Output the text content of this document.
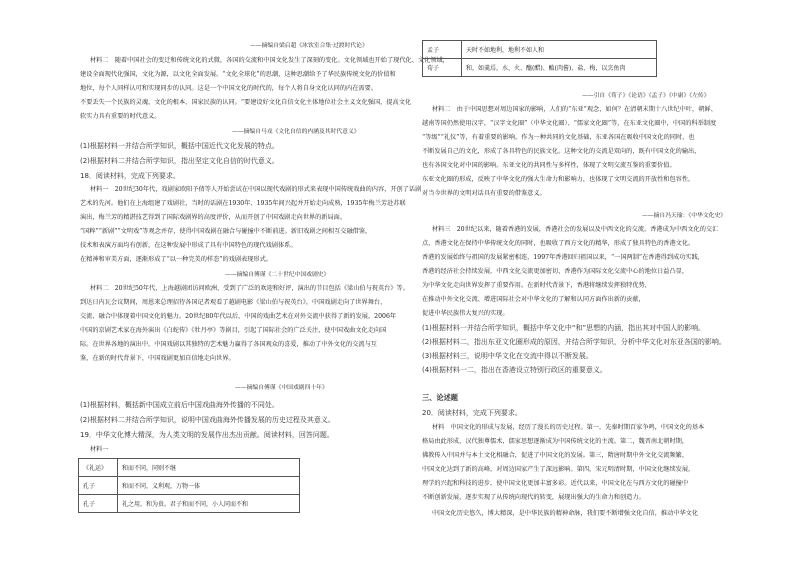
——摘编自梁启超《冰饮室合集·过渡时代论》
材料二　随着中国社会的变迁和传统文化的式微，各国的交流和中国文化发生了深刻的变化。文化领域也开始了现代化、文化领域，
建设全面现代化强国，文化为源，以文化全面发展。“文化全球化”的思潮，这种思潮给予了华民族传统文化的价值和
地位，每个人同样认可和实现同步的认同。这是一个中国文化的时代的，每个人将自身文化认同的内在需要。
不要丢失一个民族的灵魂、文化的根本、国家民族的认同。“要建设好文化自信文化主体地位社会主义文化强国，提高文化
软实力具有重要的时代意义。
——摘编自马戎《文化自信的内涵及其时代意义》
(1)根据材料一并结合所学知识，概括中国近代文化发展的特点。
(2)根据材料二并结合所学知识，指出坚定文化自信的时代意义。
18．阅读材料，完成下列要求。
材料一　20世纪30年代，戏剧家欧阳予倩等人开始尝试在中国以现代戏剧的形式来表现中国传统戏曲的内容，开创了话剧
艺术的先河。他们在上海组建了戏剧社，当时的话剧在1930年、1935年间兴起并开始走向成熟，1935年梅兰芳赴苏联
演出，梅兰芳的精湛技艺得到了国际戏剧界的高度评价，从而开创了中国戏剧走向世界的新局面。
“国粹”“新剧”“文明戏”等观念并存，使得中国戏剧在融合与碰撞中不断前进。新旧戏剧之间相互交融借鉴，
技术和表演方面均有创新，在这种发展中形成了具有中国特色的现代戏剧体系。
在精神和审美方面，逐渐形成了“以一种完美的样态”的戏剧表现形式。
——摘编自傅谨《二十世纪中国戏剧史》
材料二　20世纪50年代，上海越剧团访问欧洲，受到了广泛的欢迎和好评，演出的节目包括《梁山伯与祝英台》等。
到达日内瓦会议期间，周恩来总理招待各国记者观看了越剧电影《梁山伯与祝英台》，中国戏剧走向了世界舞台，
交流、融合中体现着中国文化的魅力。20世纪80年代以后，中国的戏曲艺术在对外交流中获得了新的发展，2006年
中国的京剧艺术家在海外演出《白蛇传》《牡丹亭》等剧目，引起了国际社会的广泛关注，使中国戏曲文化走向国
际。在世界各地的演出中，中国戏剧以其独特的艺术魅力赢得了各国观众的喜爱，推动了中外文化的交流与互
鉴，在新的时代背景下，中国戏剧更加自信地走向世界。
——摘编自傅谨《中国戏剧四十年》
(1)根据材料，概括新中国成立前后中国戏曲海外传播的不同处。
(2)根据材料二并结合所学知识，说明中国戏曲海外传播发展的历史过程及其意义。
19．中华文化博大精深，为人类文明的发展作出杰出贡献。阅读材料，回答问题。
材料一
《礼运》	和而不同，同则不继
孔子	和而不同，义利观，万物一体
孔子	礼之用，和为贵。君子和而不同，小人同而不和
孟子	天时不如地利，地利不如人和
荀子	和，如羹焉，水、火、醯(醋)、醢(肉酱)、盐、梅，以烹鱼肉
——引自《荀子》《论语》《孟子》《中庸》《左传》
材料二　由于中国思想对周边国家的影响，人们的“东亚”观念，如何？在清朝末期十八世纪中叶，朝鲜、
越南等国仍然使用汉字，“汉字文化圈”（中华文化圈）、“儒家文化圈”等，在东亚文化圈中，中国的科举制度
“等级”“礼仪”等，有着重要的影响。作为一种共同的文化基础，东亚各国在吸收中国文化的同时，也
不断发展自己的文化，形成了各具特色的民族文化。这种文化的交流是双向的，既有中国文化的输出，
也有各国文化对中国的影响。东亚文化的共同性与多样性，体现了文明交流互鉴的重要价值。
东亚文化圈的形成，反映了中华文化的强大生命力和影响力，也体现了文明交流的开放性和包容性，
对当今世界的文明对话具有重要的借鉴意义。
——摘自冯天瑜：《中华文化史》
材料三　20世纪以来，随着香港的发展，香港社会的发展以及中西文化的交流，香港成为中西文化的交汇
点，香港文化在保持中华传统文化的同时，也吸收了西方文化的精华，形成了独具特色的香港文化。
香港的发展始终与祖国的发展紧密相连，1997年香港回归祖国以来，“一国两制”在香港得到成功实践，
香港的经济社会持续发展，中西文化交流更加密切，香港作为国际文化交流中心的地位日益凸显，
为中华文化走向世界发挥了重要作用。在新时代背景下，香港将继续发挥独特优势，
在推动中外文化交流、增进国际社会对中华文化的了解和认同方面作出新的贡献，
促进中华民族伟大复兴的实现。
(1)根据材料一并结合所学知识，概括中华文化中“和”思想的内涵，指出其对中国人的影响。
(2)根据材料二，指出东亚文化圈形成的原因，并结合所学知识，分析中华文化对东亚各国的影响。
(3)根据材料三，说明中华文化在交流中得以不断发展。
(4)根据材料一二，指出在香港设立特别行政区的重要意义。
三、论述题
20．阅读材料，完成下列要求。
材料　中国文化的形成与发展，经历了漫长的历史过程。第一，先秦时期百家争鸣，中国文化的基本
格局由此形成，汉代独尊儒术，儒家思想逐渐成为中国传统文化的主流。第二，魏晋南北朝时期，
佛教传入中国并与本土文化相融合，促进了中国文化的发展。第三，隋唐时期中外文化交流频繁，
中国文化达到了新的高峰，对周边国家产生了深远影响。第四，宋元明清时期，中国文化继续发展，
理学的兴起和科技的进步，使中国文化更加丰富多彩。近代以来，中国文化在与西方文化的碰撞中
不断创新发展，逐步实现了从传统向现代的转变，展现出强大的生命力和创造力。
中国文化历史悠久，博大精深，是中华民族的精神命脉，我们要不断增强文化自信，推动中华文化
